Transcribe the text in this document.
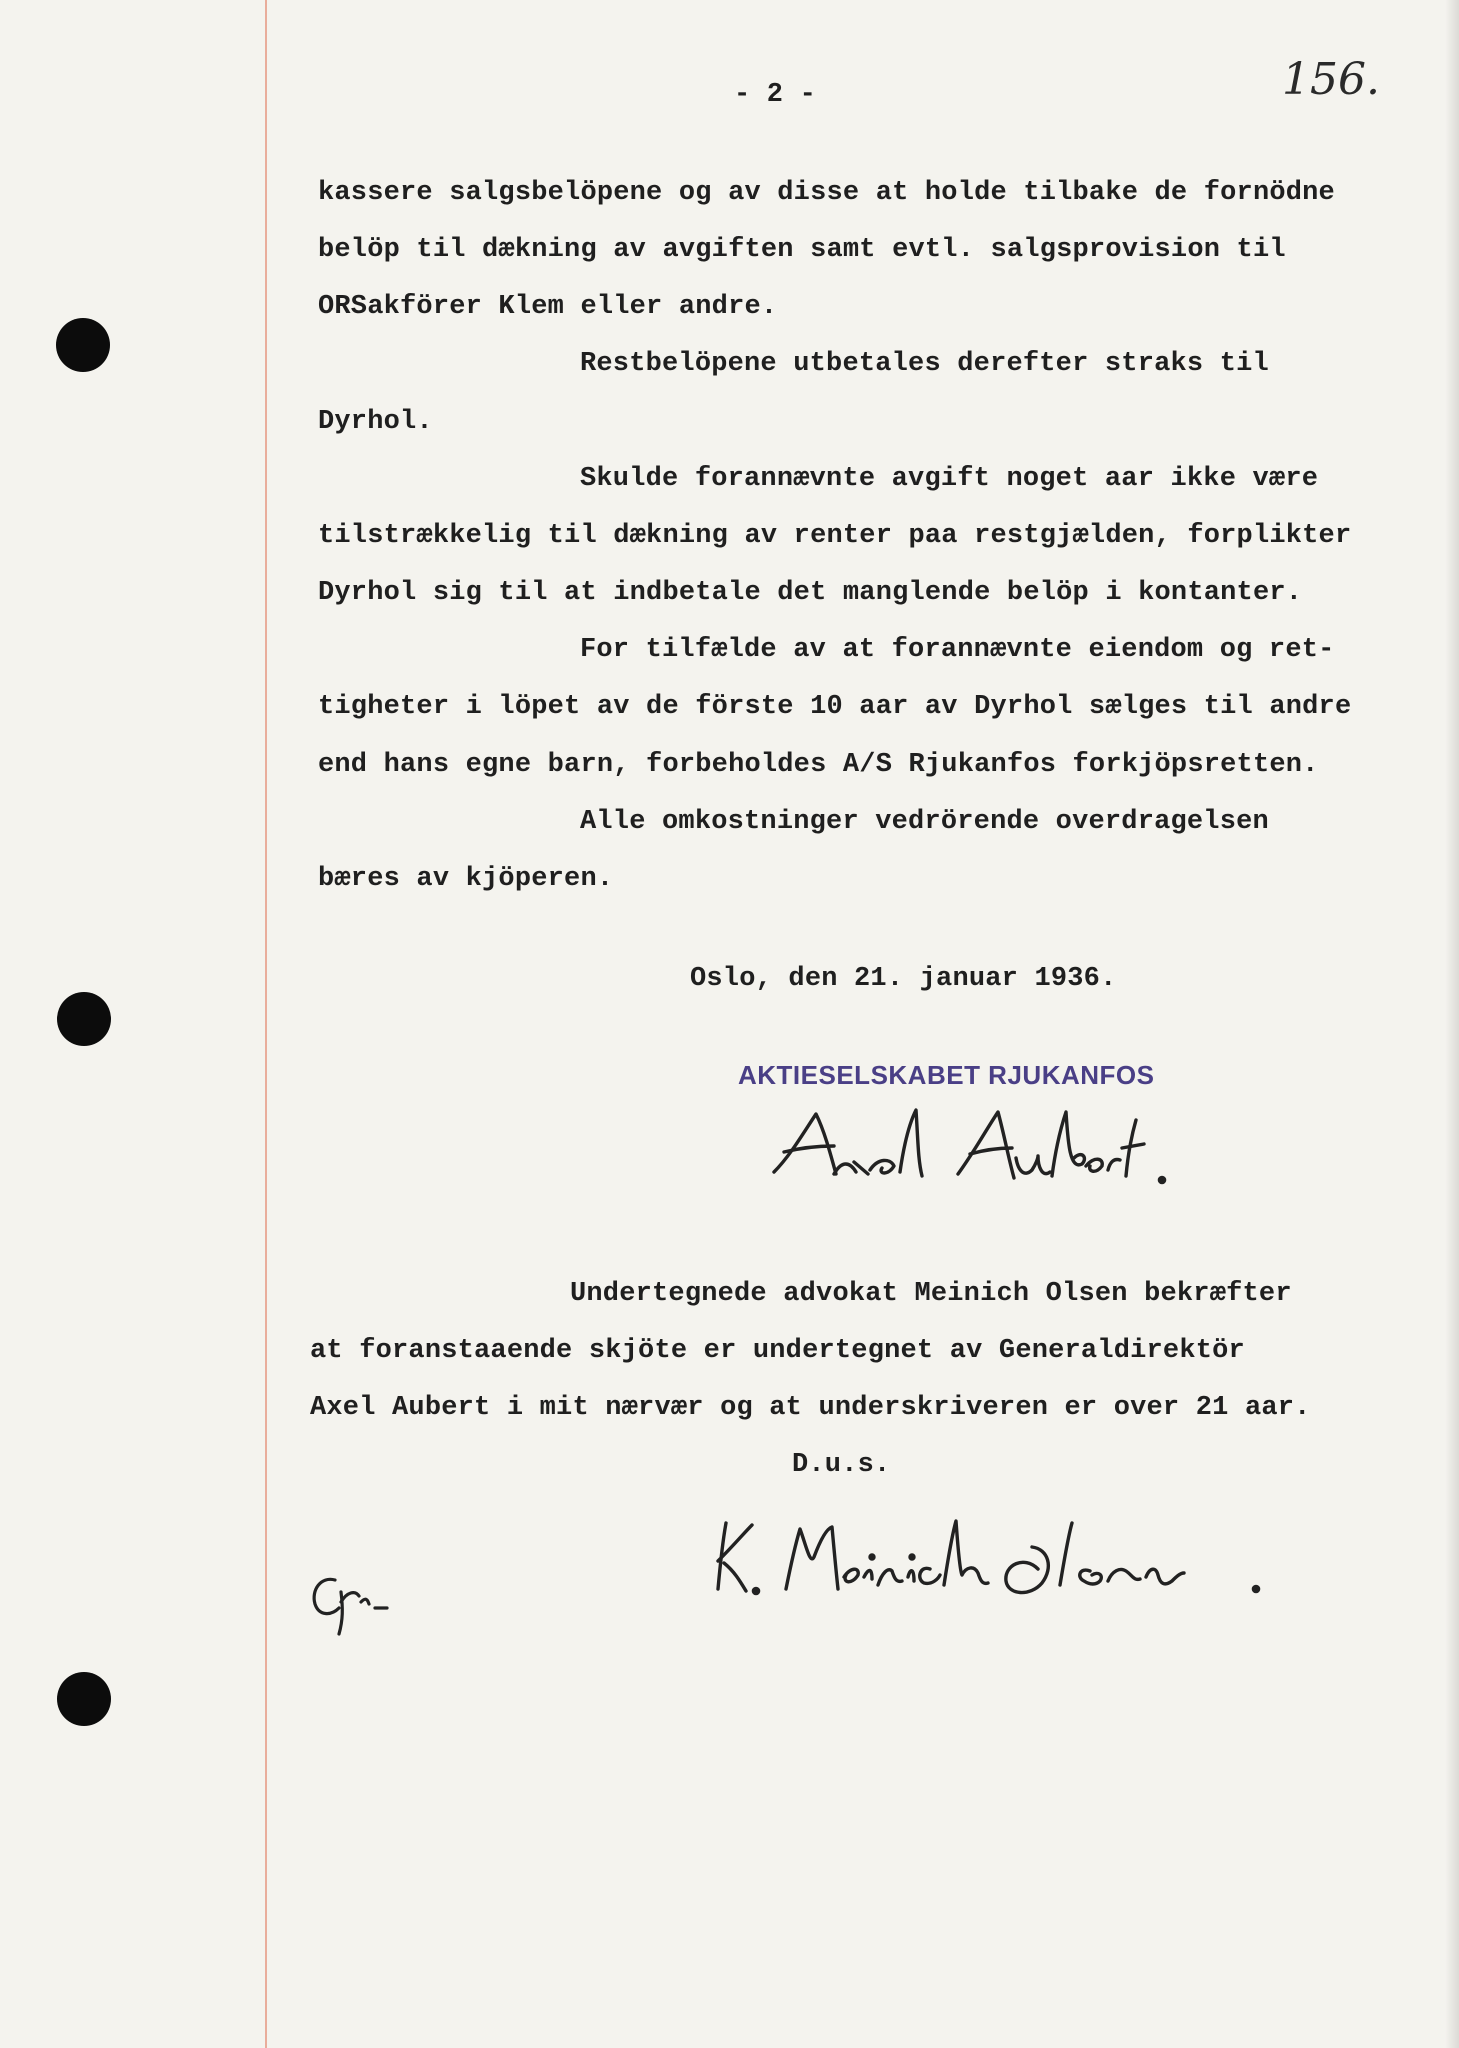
- 2 -	156.

kassere salgsbelöpene og av disse at holde tilbake de fornödne

belöp til dækning av avgiften samt evtl. salgsprovision til

ORSakförer Klem eller andre.

Restbelöpene utbetales derefter straks til

Dyrhol.

Skulde forannævnte avgift noget aar ikke være

tilstrækkelig til dækning av renter paa restgjælden, forplikter

Dyrhol sig til at indbetale det manglende belöp i kontanter.

For tilfælde av at forannævnte eiendom og ret-

tigheter i löpet av de förste 10 aar av Dyrhol sælges til andre

end hans egne barn, forbeholdes A/S Rjukanfos forkjöpsretten.

Alle omkostninger vedrörende overdragelsen

bæres av kjöperen.

Oslo, den 21. januar 1936.

AKTIESELSKABET RJUKANFOS

Undertegnede advokat Meinich Olsen bekræfter

at foranstaaende skjöte er undertegnet av Generaldirektör

Axel Aubert i mit nærvær og at underskriveren er over 21 aar.

D.u.s.
